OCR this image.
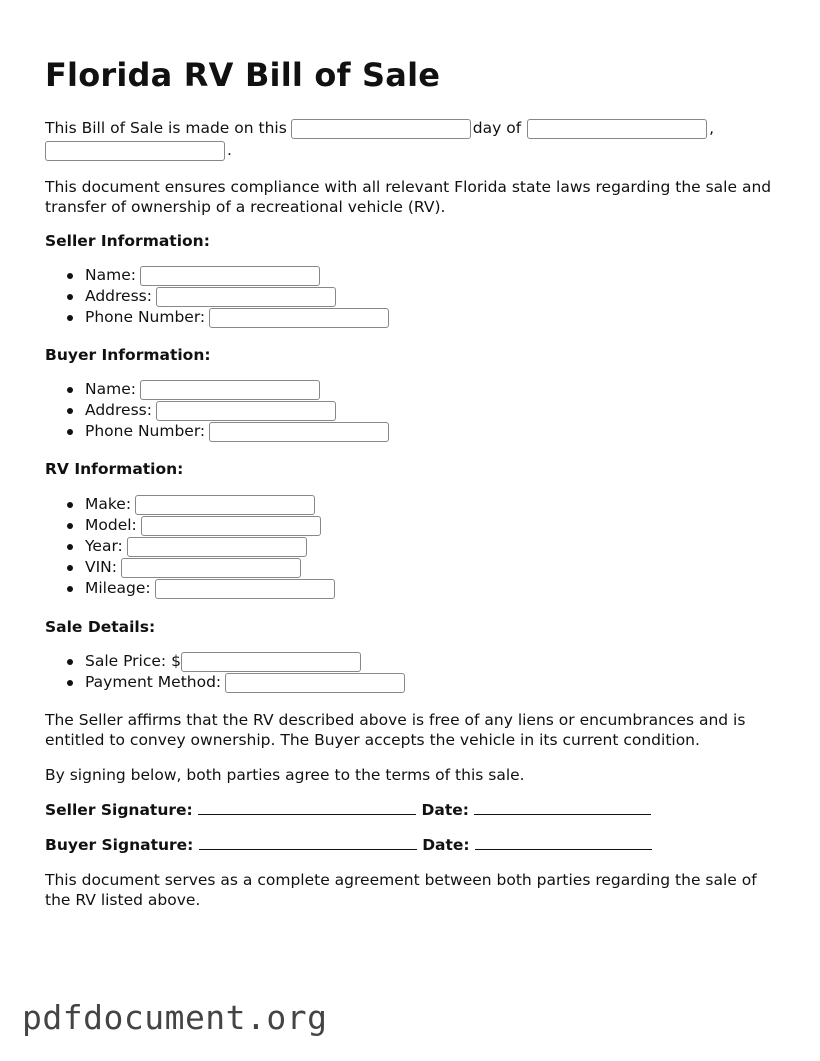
Florida RV Bill of Sale
This Bill of Sale is made on this	day of	,
.
This document ensures compliance with all relevant Florida state laws regarding the sale and transfer of ownership of a recreational vehicle (RV).
Seller Information:
Name:
Address:
Phone Number:
Buyer Information:
Name:
Address:
Phone Number:
RV Information:
Make:
Model:
Year:
VIN:
Mileage:
Sale Details:
Sale Price: $
Payment Method:
The Seller affirms that the RV described above is free of any liens or encumbrances and is entitled to convey ownership. The Buyer accepts the vehicle in its current condition.
By signing below, both parties agree to the terms of this sale.
Seller Signature:	Date:
Buyer Signature:	Date:
This document serves as a complete agreement between both parties regarding the sale of the RV listed above.
pdfdocument.org
